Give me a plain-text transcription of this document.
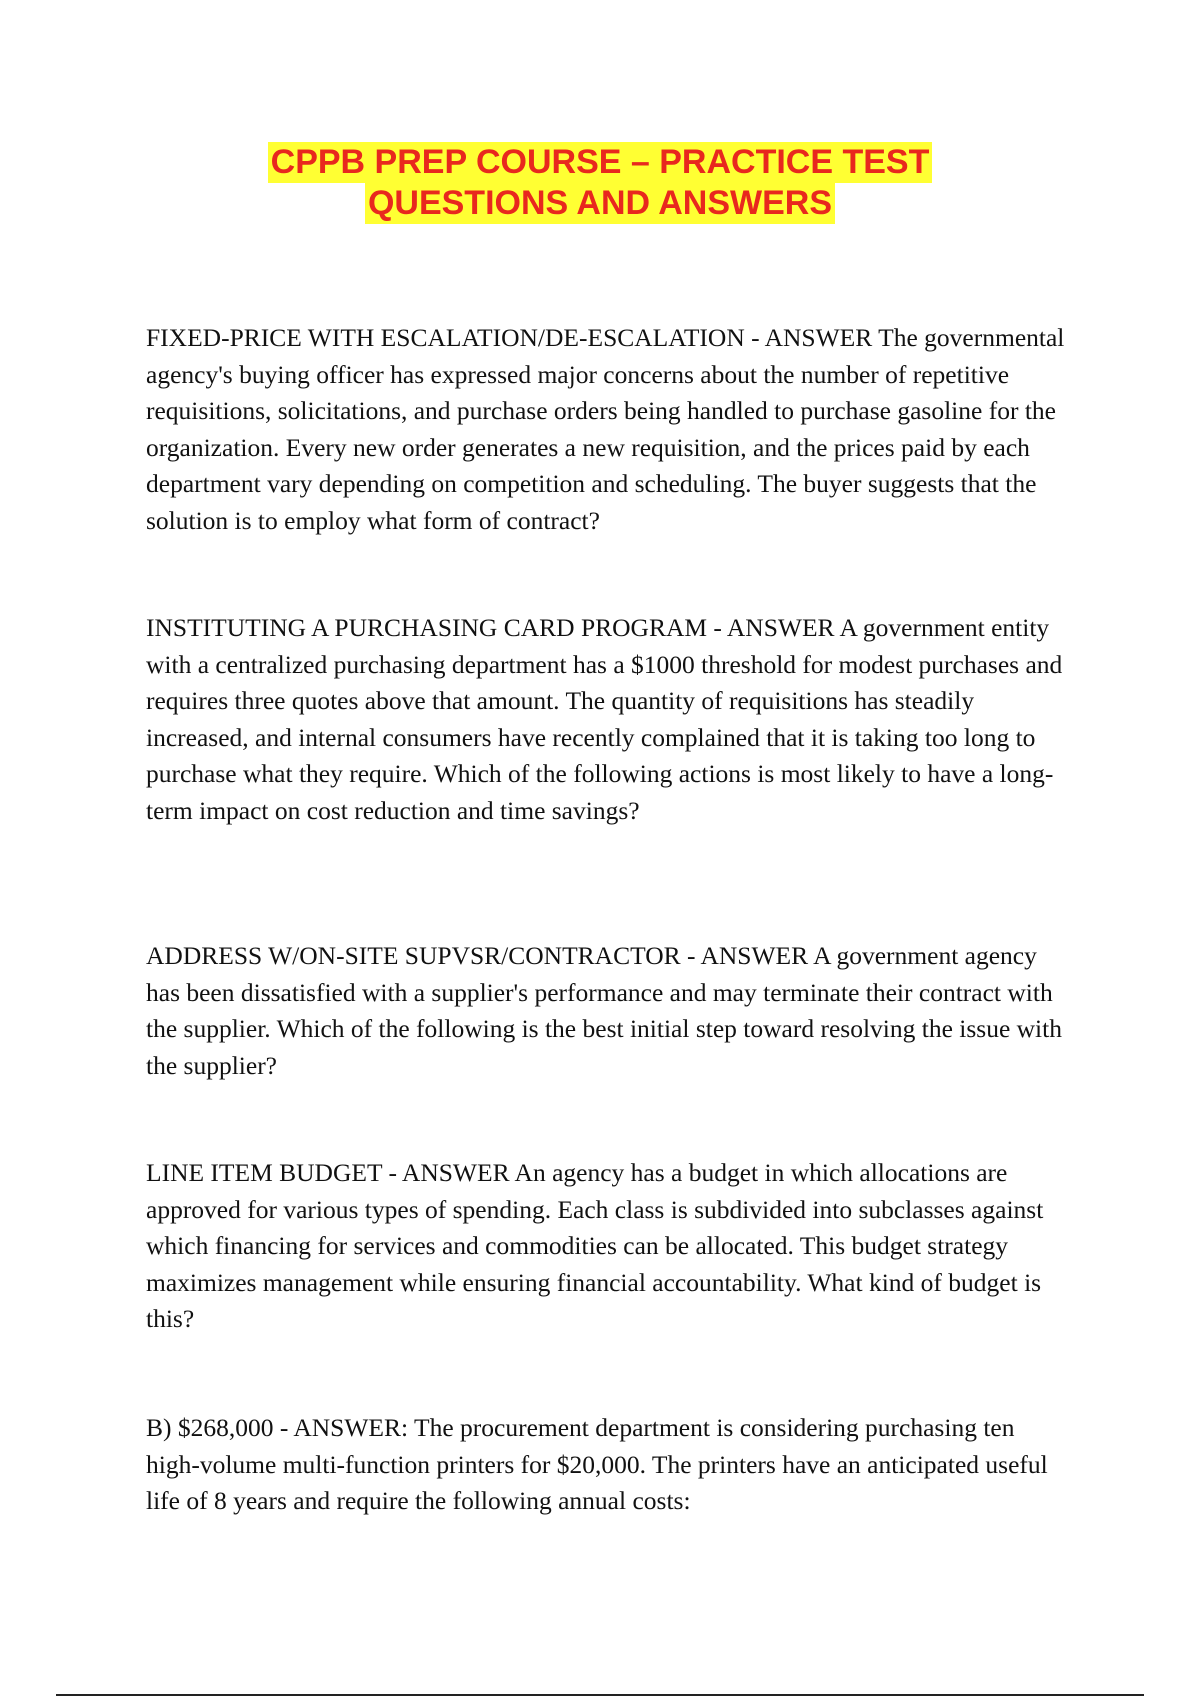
CPPB PREP COURSE – PRACTICE TEST
QUESTIONS AND ANSWERS

FIXED-PRICE WITH ESCALATION/DE-ESCALATION - ANSWER The governmental agency's buying officer has expressed major concerns about the number of repetitive requisitions, solicitations, and purchase orders being handled to purchase gasoline for the organization. Every new order generates a new requisition, and the prices paid by each department vary depending on competition and scheduling. The buyer suggests that the solution is to employ what form of contract?

INSTITUTING A PURCHASING CARD PROGRAM - ANSWER A government entity with a centralized purchasing department has a $1000 threshold for modest purchases and requires three quotes above that amount. The quantity of requisitions has steadily increased, and internal consumers have recently complained that it is taking too long to purchase what they require. Which of the following actions is most likely to have a long-term impact on cost reduction and time savings?

ADDRESS W/ON-SITE SUPVSR/CONTRACTOR - ANSWER A government agency has been dissatisfied with a supplier's performance and may terminate their contract with the supplier. Which of the following is the best initial step toward resolving the issue with the supplier?

LINE ITEM BUDGET - ANSWER An agency has a budget in which allocations are approved for various types of spending. Each class is subdivided into subclasses against which financing for services and commodities can be allocated. This budget strategy maximizes management while ensuring financial accountability. What kind of budget is this?

B) $268,000 - ANSWER: The procurement department is considering purchasing ten high-volume multi-function printers for $20,000. The printers have an anticipated useful life of 8 years and require the following annual costs:
